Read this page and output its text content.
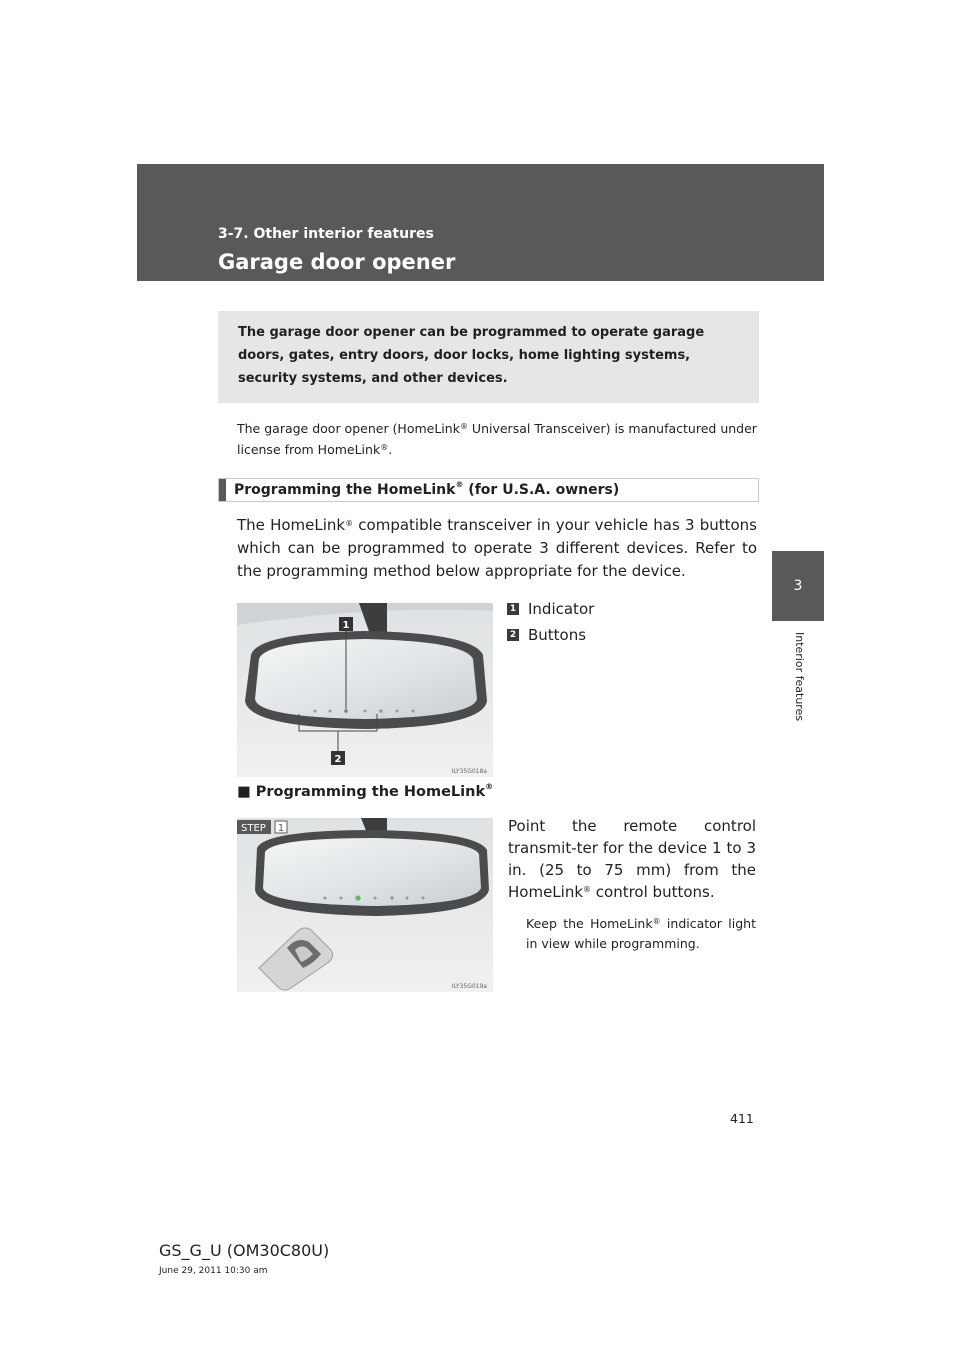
3-7. Other interior features
Garage door opener
3
Interior features
The garage door opener can be programmed to operate garage doors, gates, entry doors, door locks, home lighting systems, security systems, and other devices.
The garage door opener (HomeLink® Universal Transceiver) is manufactured under license from HomeLink®.
Programming the HomeLink® (for U.S.A. owners)
The HomeLink® compatible transceiver in your vehicle has 3 buttons which can be programmed to operate 3 different devices. Refer to the programming method below appropriate for the device.
1
2
ILY35G018a
1 Indicator
2 Buttons
■ Programming the HomeLink®
STEP 1
ILY35G019a
Point the remote control transmit-ter for the device 1 to 3 in. (25 to 75 mm) from the HomeLink® control buttons.
Keep the HomeLink® indicator light in view while programming.
411
GS_G_U (OM30C80U)
June 29, 2011 10:30 am
